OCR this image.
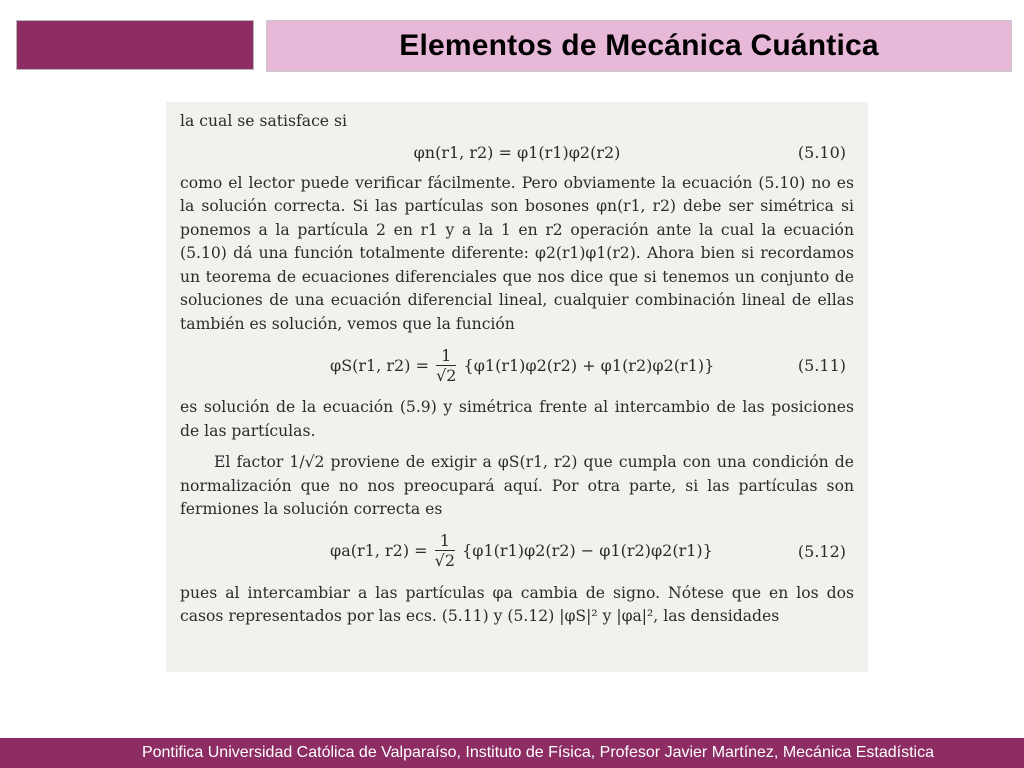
Elementos de Mecánica Cuántica

la cual se satisface si

φn(r1, r2) = φ1(r1)φ2(r2)	(5.10)

como el lector puede verificar fácilmente. Pero obviamente la ecuación (5.10) no es la solución correcta. Si las partículas son bosones φn(r1, r2) debe ser simétrica si ponemos a la partícula 2 en r1 y a la 1 en r2 operación ante la cual la ecuación (5.10) dá una función totalmente diferente: φ2(r1)φ1(r2). Ahora bien si recordamos un teorema de ecuaciones diferenciales que nos dice que si tenemos un conjunto de soluciones de una ecuación diferencial lineal, cualquier combinación lineal de ellas también es solución, vemos que la función

φS(r1, $r2) = \frac{1}{√2} \{\varphi 1(r1)\varphi 2(r2) + \varphi 1(r2)\varphi 2(r1)\}$	(5.11)

es solución de la ecuación (5.9) y simétrica frente al intercambio de las posiciones de las partículas.

El factor 1/√2 proviene de exigir a φS(r1, r2) que cumpla con una condición de normalización que no nos preocupará aquí. Por otra parte, si las partículas son fermiones la solución correcta es

φa(r1, $r2) = \frac{1}{√2} \{\varphi 1(r1)\varphi 2(r2) - \varphi 1(r2)\varphi 2(r1)\}$	(5.12)

pues al intercambiar a las partículas φa cambia de signo. Nótese que en los dos casos representados por las ecs. (5.11) y (5.12) |φS|² y |φa|², las densidades

Pontifica Universidad Católica de Valparaíso, Instituto de Física, Profesor Javier Martínez, Mecánica Estadística
